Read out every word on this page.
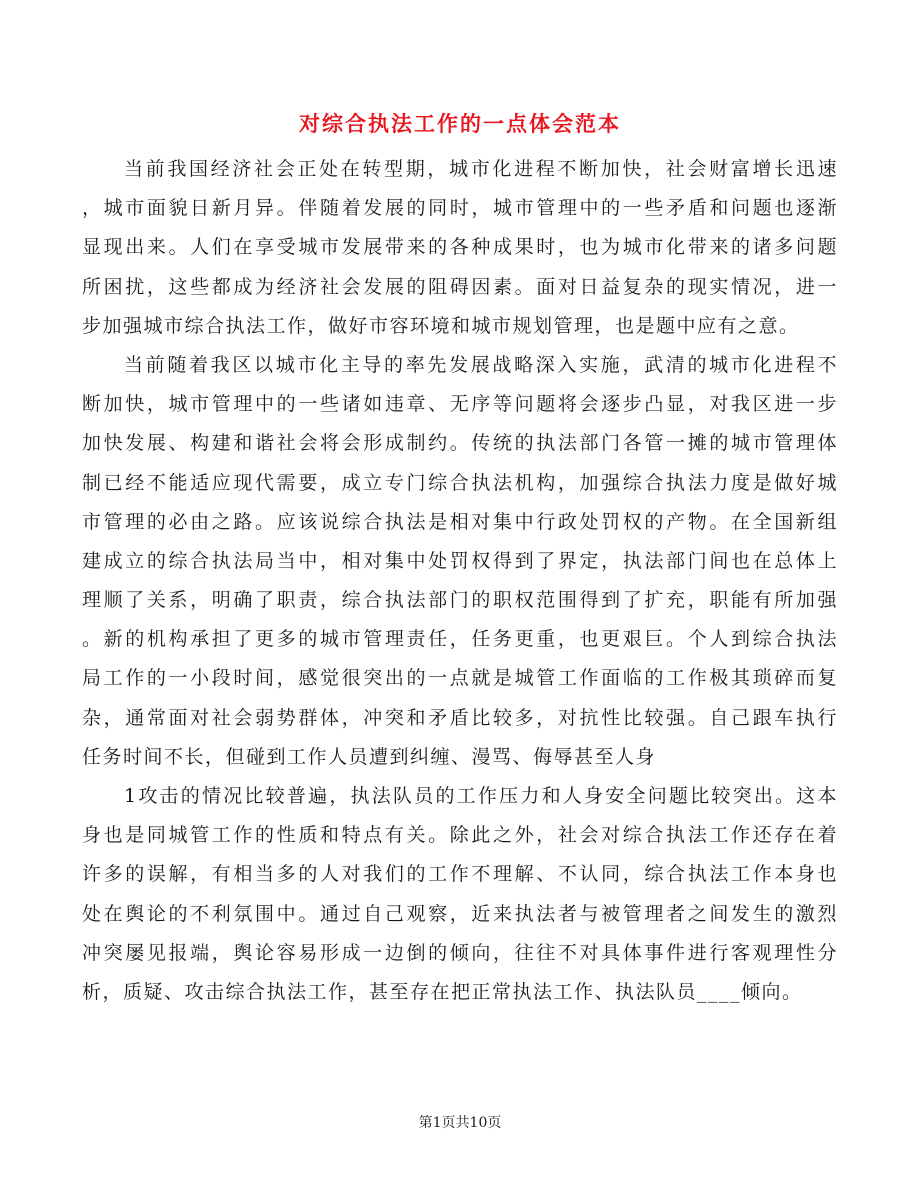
对综合执法工作的一点体会范本
当前我国经济社会正处在转型期，城市化进程不断加快，社会财富增长迅速
，城市面貌日新月异。伴随着发展的同时，城市管理中的一些矛盾和问题也逐渐
显现出来。人们在享受城市发展带来的各种成果时，也为城市化带来的诸多问题
所困扰，这些都成为经济社会发展的阻碍因素。面对日益复杂的现实情况，进一
步加强城市综合执法工作，做好市容环境和城市规划管理，也是题中应有之意。
当前随着我区以城市化主导的率先发展战略深入实施，武清的城市化进程不
断加快，城市管理中的一些诸如违章、无序等问题将会逐步凸显，对我区进一步
加快发展、构建和谐社会将会形成制约。传统的执法部门各管一摊的城市管理体
制已经不能适应现代需要，成立专门综合执法机构，加强综合执法力度是做好城
市管理的必由之路。应该说综合执法是相对集中行政处罚权的产物。在全国新组
建成立的综合执法局当中，相对集中处罚权得到了界定，执法部门间也在总体上
理顺了关系，明确了职责，综合执法部门的职权范围得到了扩充，职能有所加强
。新的机构承担了更多的城市管理责任，任务更重，也更艰巨。个人到综合执法
局工作的一小段时间，感觉很突出的一点就是城管工作面临的工作极其琐碎而复
杂，通常面对社会弱势群体，冲突和矛盾比较多，对抗性比较强。自己跟车执行
任务时间不长，但碰到工作人员遭到纠缠、漫骂、侮辱甚至人身
1攻击的情况比较普遍，执法队员的工作压力和人身安全问题比较突出。这本
身也是同城管工作的性质和特点有关。除此之外，社会对综合执法工作还存在着
许多的误解，有相当多的人对我们的工作不理解、不认同，综合执法工作本身也
处在舆论的不利氛围中。通过自己观察，近来执法者与被管理者之间发生的激烈
冲突屡见报端，舆论容易形成一边倒的倾向，往往不对具体事件进行客观理性分
析，质疑、攻击综合执法工作，甚至存在把正常执法工作、执法队员____倾向。
第1页共10页
